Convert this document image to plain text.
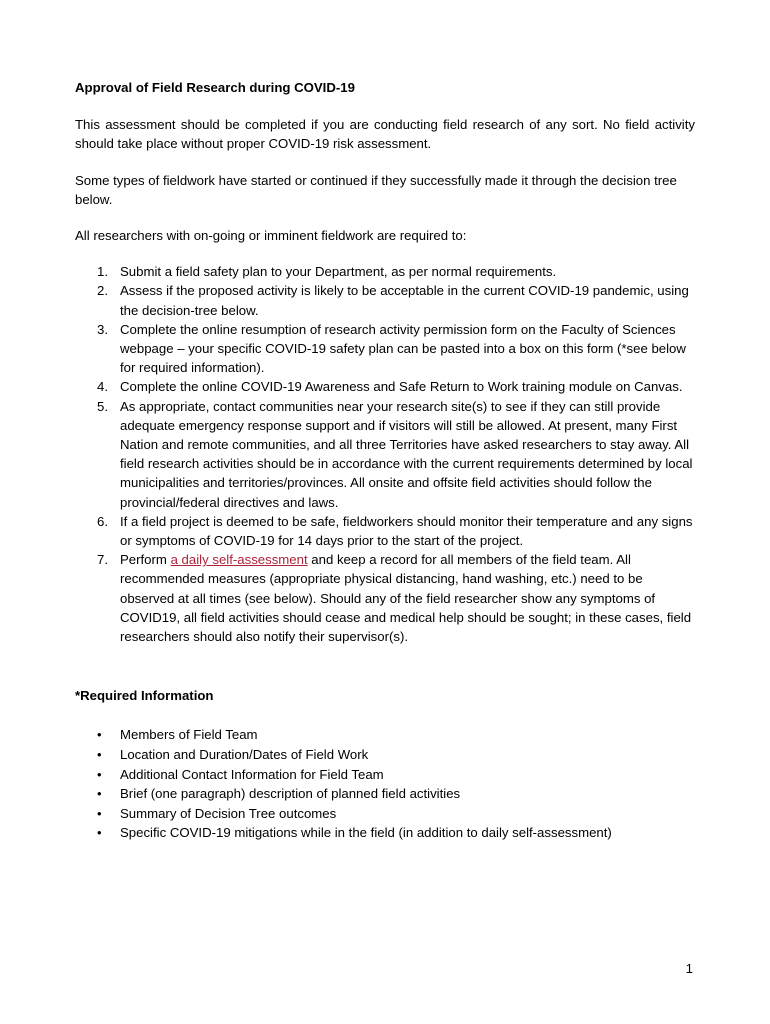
Approval of Field Research during COVID-19
This assessment should be completed if you are conducting field research of any sort. No field activity should take place without proper COVID-19 risk assessment.
Some types of fieldwork have started or continued if they successfully made it through the decision tree below.
All researchers with on-going or imminent fieldwork are required to:
1. Submit a field safety plan to your Department, as per normal requirements.
2. Assess if the proposed activity is likely to be acceptable in the current COVID-19 pandemic, using the decision-tree below.
3. Complete the online resumption of research activity permission form on the Faculty of Sciences webpage – your specific COVID-19 safety plan can be pasted into a box on this form (*see below for required information).
4. Complete the online COVID-19 Awareness and Safe Return to Work training module on Canvas.
5. As appropriate, contact communities near your research site(s) to see if they can still provide adequate emergency response support and if visitors will still be allowed. At present, many First Nation and remote communities, and all three Territories have asked researchers to stay away. All field research activities should be in accordance with the current requirements determined by local municipalities and territories/provinces. All onsite and offsite field activities should follow the provincial/federal directives and laws.
6. If a field project is deemed to be safe, fieldworkers should monitor their temperature and any signs or symptoms of COVID-19 for 14 days prior to the start of the project.
7. Perform a daily self-assessment and keep a record for all members of the field team. All recommended measures (appropriate physical distancing, hand washing, etc.) need to be observed at all times (see below). Should any of the field researcher show any symptoms of COVID19, all field activities should cease and medical help should be sought; in these cases, field researchers should also notify their supervisor(s).
*Required Information
• Members of Field Team
• Location and Duration/Dates of Field Work
• Additional Contact Information for Field Team
• Brief (one paragraph) description of planned field activities
• Summary of Decision Tree outcomes
• Specific COVID-19 mitigations while in the field (in addition to daily self-assessment)
1
